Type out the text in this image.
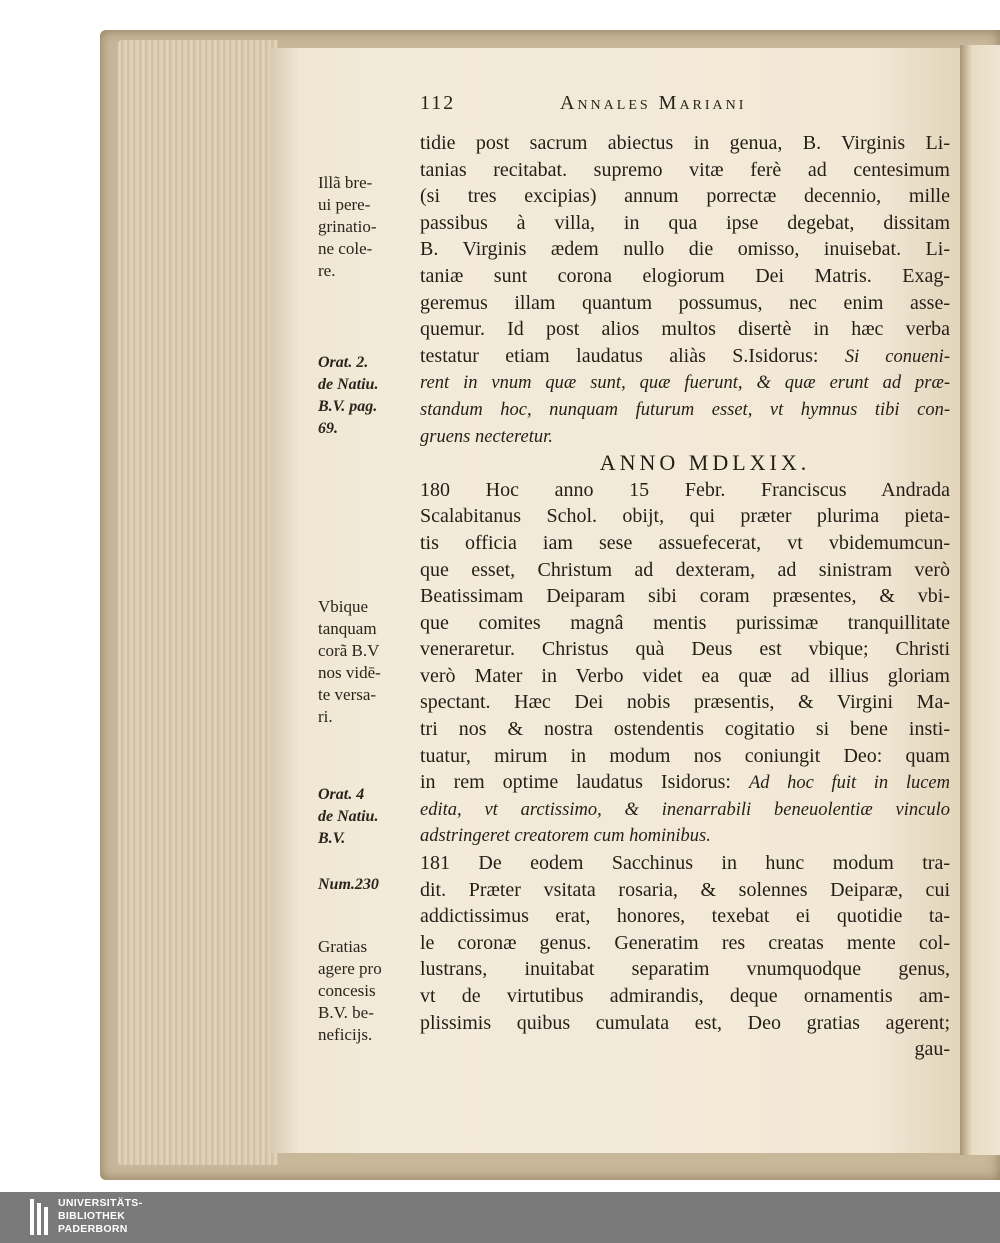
112	Annales Mariani
tidie post sacrum abiectus in genua, B. Virginis Li-
tanias recitabat. supremo vitæ ferè ad centesimum
(si tres excipias) annum porrectæ decennio, mille
passibus à villa, in qua ipse degebat, dissitam
B. Virginis ædem nullo die omisso, inuisebat. Li-
taniæ sunt corona elogiorum Dei Matris. Exag-
geremus illam quantum possumus, nec enim asse-
quemur. Id post alios multos disertè in hæc verba
testatur etiam laudatus aliàs S.Isidorus: Si conueni-
rent in vnum quæ sunt, quæ fuerunt, & quæ erunt ad præ-
standum hoc, nunquam futurum esset, vt hymnus tibi con-
gruens necteretur.
ANNO MDLXIX.
180 Hoc anno 15 Febr. Franciscus Andrada
Scalabitanus Schol. obijt, qui præter plurima pieta-
tis officia iam sese assuefecerat, vt vbidemumcun-
que esset, Christum ad dexteram, ad sinistram verò
Beatissimam Deiparam sibi coram præsentes, & vbi-
que comites magnâ mentis purissimæ tranquillitate
veneraretur. Christus quà Deus est vbique; Christi
verò Mater in Verbo videt ea quæ ad illius gloriam
spectant. Hæc Dei nobis præsentis, & Virgini Ma-
tri nos & nostra ostendentis cogitatio si bene insti-
tuatur, mirum in modum nos coniungit Deo: quam
in rem optime laudatus Isidorus: Ad hoc fuit in lucem
edita, vt arctissimo, & inenarrabili beneuolentiæ vinculo
adstringeret creatorem cum hominibus.
181 De eodem Sacchinus in hunc modum tra-
dit. Præter vsitata rosaria, & solennes Deiparæ, cui
addictissimus erat, honores, texebat ei quotidie ta-
le coronæ genus. Generatim res creatas mente col-
lustrans, inuitabat separatim vnumquodque genus,
vt de virtutibus admirandis, deque ornamentis am-
plissimis quibus cumulata est, Deo gratias agerent;
gau-
Illã bre-
ui pere-
grinatio-
ne cole-
re.
Orat. 2.
de Natiu.
B.V. pag.
69.
Vbique
tanquam
corã B.V
nos vidē-
te versa-
ri.
Orat. 4
de Natiu.
B.V.
Num.230
Gratias
agere pro
concesis
B.V. be-
neficijs.
UNIVERSITÄTS-
BIBLIOTHEK
PADERBORN
